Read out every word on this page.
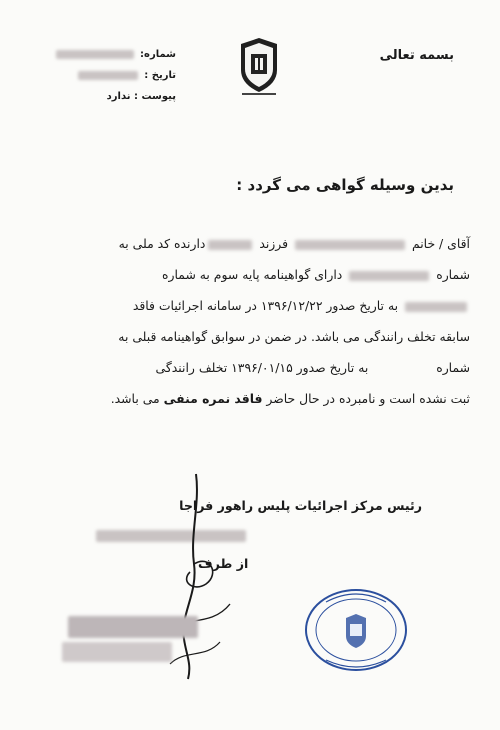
بسمه تعالی
شماره:
تاریخ :
پیوست : ندارد
بدین وسیله گواهی می گردد :
آقای / خانم  فرزند دارنده کد ملی به
شماره  دارای گواهینامه پایه سوم به شماره
به تاریخ صدور ۱۳۹۶/۱۲/۲۲ در سامانه اجرائیات فاقد
سابقه تخلف رانندگی می باشد. در ضمن در سوابق گواهینامه قبلی به
شماره  به تاریخ صدور ۱۳۹۶/۰۱/۱۵ تخلف رانندگی
ثبت نشده است و نامبرده در حال حاضر فاقد نمره منفی می باشد.
رئیس مرکز اجرائیات پلیس راهور فراجا
از طرف
